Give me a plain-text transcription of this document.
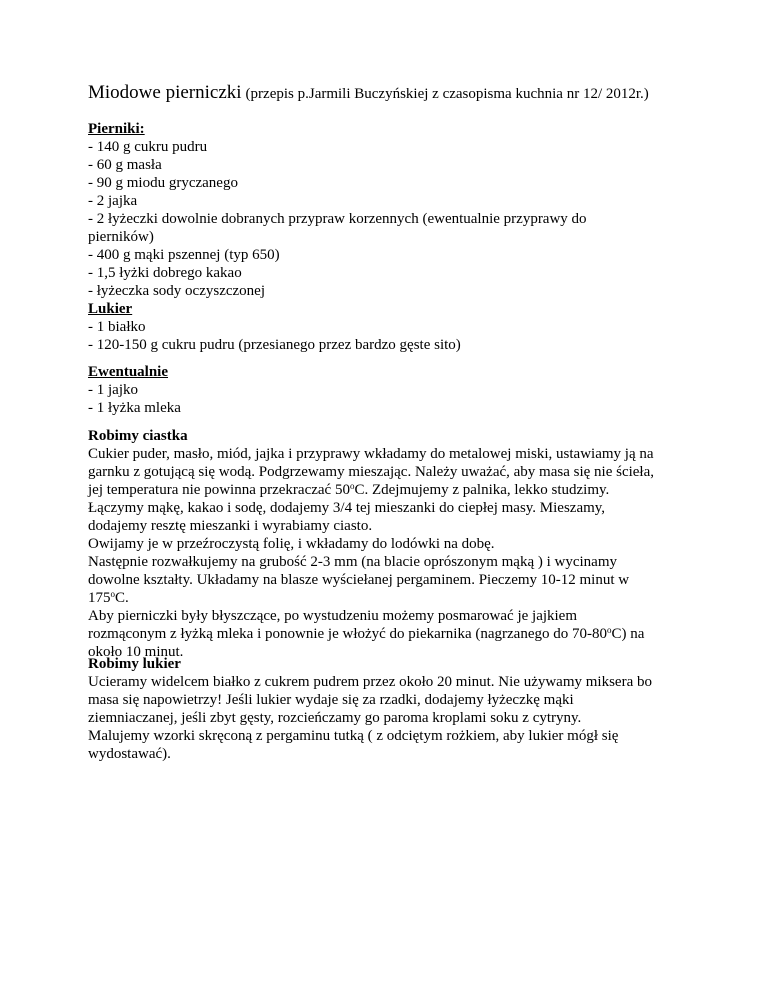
Miodowe pierniczki (przepis p.Jarmili Buczyńskiej z czasopisma kuchnia nr 12/ 2012r.)

Pierniki:

- 140 g cukru pudru

- 60 g masła

- 90 g miodu gryczanego

- 2 jajka

- 2 łyżeczki dowolnie dobranych przypraw korzennych (ewentualnie przyprawy do

pierników)

- 400 g mąki pszennej (typ 650)

- 1,5 łyżki dobrego kakao

- łyżeczka sody oczyszczonej

Lukier

- 1 białko

- 120-150 g cukru pudru (przesianego przez bardzo gęste sito)

Ewentualnie

- 1 jajko

- 1 łyżka mleka

Robimy ciastka

Cukier puder, masło, miód, jajka i przyprawy wkładamy do metalowej miski, ustawiamy ją na

garnku z gotującą się wodą. Podgrzewamy mieszając. Należy uważać, aby masa się nie ścieła,

jej temperatura nie powinna przekraczać 50$^o$C. Zdejmujemy z palnika, lekko studzimy.

Łączymy mąkę, kakao i sodę, dodajemy 3/4 tej mieszanki do ciepłej masy. Mieszamy,

dodajemy resztę mieszanki i wyrabiamy ciasto.

Owijamy je w przeźroczystą folię, i wkładamy do lodówki na dobę.

Następnie rozwałkujemy na grubość 2-3 mm (na blacie oprószonym mąką ) i wycinamy

dowolne kształty. Układamy na blasze wyściełanej pergaminem. Pieczemy 10-12 minut w

175$^o$C.

Aby pierniczki były błyszczące, po wystudzeniu możemy posmarować je jajkiem

rozmąconym z łyżką mleka i ponownie je włożyć do piekarnika (nagrzanego do 70-80$^o$C) na

około 10 minut.

Robimy lukier

Ucieramy widelcem białko z cukrem pudrem przez około 20 minut. Nie używamy miksera bo

masa się napowietrzy! Jeśli lukier wydaje się za rzadki, dodajemy łyżeczkę mąki

ziemniaczanej, jeśli zbyt gęsty, rozcieńczamy go paroma kroplami soku z cytryny.

Malujemy wzorki skręconą z pergaminu tutką ( z odciętym rożkiem, aby lukier mógł się

wydostawać).
